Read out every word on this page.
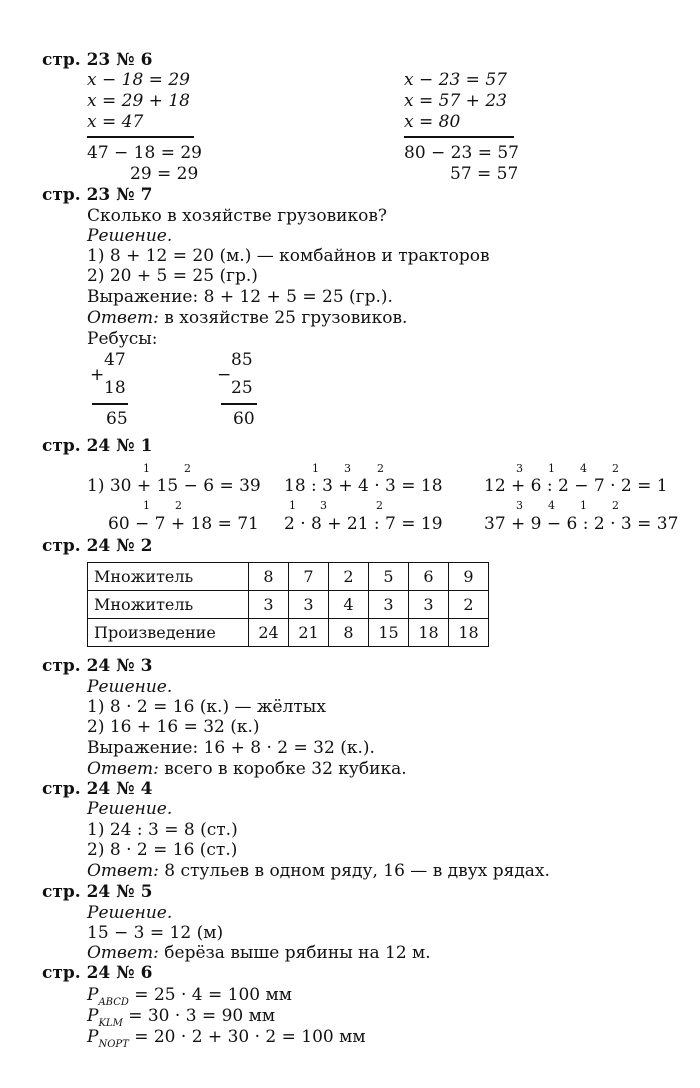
стр. 23 № 6
x − 18 = 29
x = 29 + 18
x = 47
47 − 18 = 29
29 = 29
x − 23 = 57
x = 57 + 23
x = 80
80 − 23 = 57
57 = 57
стр. 23 № 7
Сколько в хозяйстве грузовиков?
Решение.
1) 8 + 12 = 20 (м.) — комбайнов и тракторов
2) 20 + 5 = 25 (гр.)
Выражение: 8 + 12 + 5 = 25 (гр.).
Ответ: в хозяйстве 25 грузовиков.
Ребусы:
47
+
18
65
85
−
25
60
стр. 24 № 1
1	2	1 3 2	3 1 4 2
1) 30 + 15 − 6 = 39 18 : 3 + 4 · 3 = 18 12 + 6 : 2 − 7 · 2 = 1
1 2	1 3	2	3 4 1 2
60 − 7 + 18 = 71 2 · 8 + 21 : 7 = 19 37 + 9 − 6 : 2 · 3 = 37
стр. 24 № 2
Множитель	8	7	2	5	6	9
Множитель	3	3	4	3	3	2
Произведение	24	21	8	15	18	18
стр. 24 № 3
Решение.
1) 8 · 2 = 16 (к.) — жёлтых
2) 16 + 16 = 32 (к.)
Выражение: 16 + 8 · 2 = 32 (к.).
Ответ: всего в коробке 32 кубика.
стр. 24 № 4
Решение.
1) 24 : 3 = 8 (ст.)
2) 8 · 2 = 16 (ст.)
Ответ: 8 стульев в одном ряду, 16 — в двух рядах.
стр. 24 № 5
Решение.
15 − 3 = 12 (м)
Ответ: берёза выше рябины на 12 м.
стр. 24 № 6
$P_{ABCD} = 25 \cdot 4 = 100$ мм
$P_{KLM} = 30 \cdot 3 = 90$ мм
$P_{NOPT} = 20 \cdot 2 + 30 \cdot 2 = 100$ мм
